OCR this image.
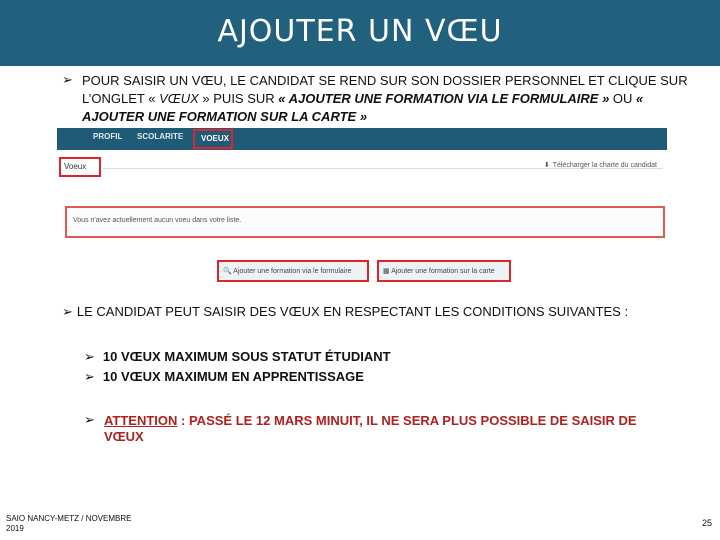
AJOUTER UN VŒU
➢ POUR SAISIR UN VŒU, LE CANDIDAT SE REND SUR SON DOSSIER PERSONNEL ET CLIQUE SUR L’ONGLET « VŒUX » PUIS SUR « AJOUTER UNE FORMATION VIA LE FORMULAIRE » OU « AJOUTER UNE FORMATION SUR LA CARTE »
PROFIL SCOLARITE	VOEUX
Voeux	⬇ Télécharger la charte du candidat
Vous n'avez actuellement aucun voeu dans votre liste.
🔍 Ajouter une formation via le formulaire	▦ Ajouter une formation sur la carte
➢ LE CANDIDAT PEUT SAISIR DES VŒUX EN RESPECTANT LES CONDITIONS SUIVANTES :
➢ 10 VŒUX MAXIMUM SOUS STATUT ÉTUDIANT
➢ 10 VŒUX MAXIMUM EN APPRENTISSAGE
➢ ATTENTION : PASSÉ LE 12 MARS MINUIT, IL NE SERA PLUS POSSIBLE DE SAISIR DE VŒUX
SAIO NANCY-METZ / NOVEMBRE
2019
25
